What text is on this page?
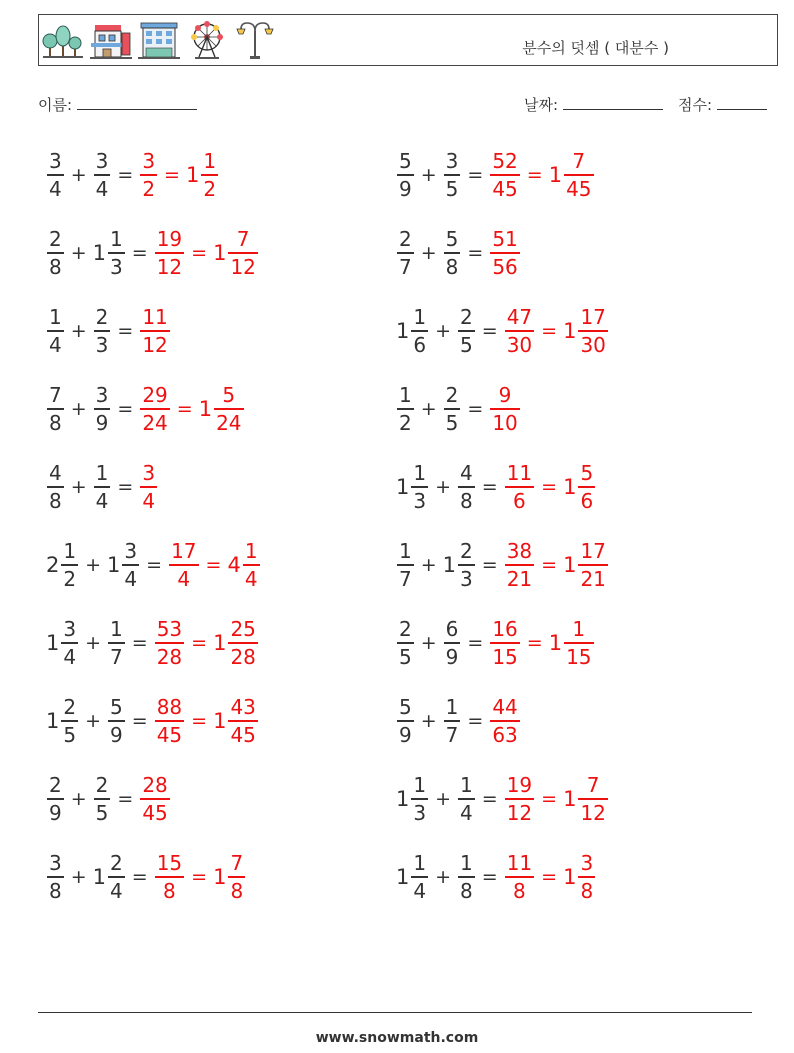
분수의 덧셈 ( 대분수 )
이름:	날짜:	점수:
$\frac{3}{4} + \frac{3}{4} = \frac{3}{2} = 1 \frac{1}{2}$
$\frac{2}{8} + 1 \frac{1}{3} = \frac{19}{12} = 1 \frac{7}{12}$
$\frac{1}{4} + \frac{2}{3} = \frac{11}{12}$
$\frac{7}{8} + \frac{3}{9} = \frac{29}{24} = 1 \frac{5}{24}$
$\frac{4}{8} + \frac{1}{4} = \frac{3}{4}$
$2 \frac{1}{2} + 1 \frac{3}{4} = \frac{17}{4} = 4 \frac{1}{4}$
$1 \frac{3}{4} + \frac{1}{7} = \frac{53}{28} = 1 \frac{25}{28}$
$1 \frac{2}{5} + \frac{5}{9} = \frac{88}{45} = 1 \frac{43}{45}$
$\frac{2}{9} + \frac{2}{5} = \frac{28}{45}$
$\frac{3}{8} + 1 \frac{2}{4} = \frac{15}{8} = 1 \frac{7}{8}$
$\frac{5}{9} + \frac{3}{5} = \frac{52}{45} = 1 \frac{7}{45}$
$\frac{2}{7} + \frac{5}{8} = \frac{51}{56}$
$1 \frac{1}{6} + \frac{2}{5} = \frac{47}{30} = 1 \frac{17}{30}$
$\frac{1}{2} + \frac{2}{5} = \frac{9}{10}$
$1 \frac{1}{3} + \frac{4}{8} = \frac{11}{6} = 1 \frac{5}{6}$
$\frac{1}{7} + 1 \frac{2}{3} = \frac{38}{21} = 1 \frac{17}{21}$
$\frac{2}{5} + \frac{6}{9} = \frac{16}{15} = 1 \frac{1}{15}$
$\frac{5}{9} + \frac{1}{7} = \frac{44}{63}$
$1 \frac{1}{3} + \frac{1}{4} = \frac{19}{12} = 1 \frac{7}{12}$
$1 \frac{1}{4} + \frac{1}{8} = \frac{11}{8} = 1 \frac{3}{8}$
www.snowmath.com
